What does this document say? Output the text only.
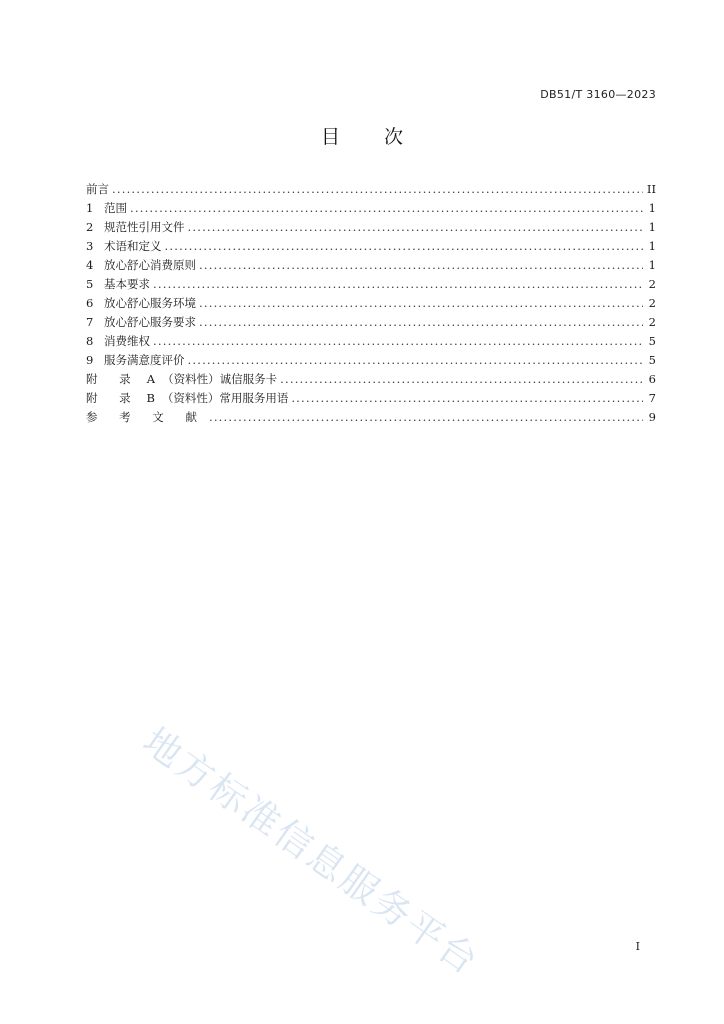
DB51/T 3160—2023
目 次
前言 .....	II
1 范围 .....	1
2 规范性引用文件 .....	1
3 术语和定义 .....	1
4 放心舒心消费原则 .....	1
5 基本要求 .....	2
6 放心舒心服务环境 .....	2
7 放心舒心服务要求 .....	2
8 消费维权 .....	5
9 服务满意度评价 .....	5
附 录 A （资料性） 诚信服务卡 .....	6
附 录 B （资料性） 常用服务用语 .....	7
参 考 文 献 .....	9
地方标准信息服务平台	I
